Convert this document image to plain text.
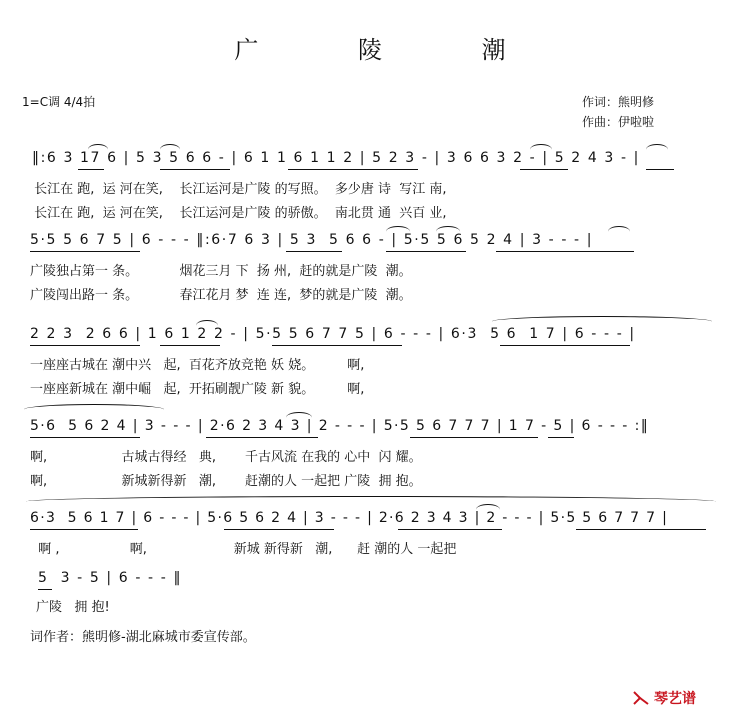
广 陵 潮
1=C调 4/4拍	作词：熊明修
作曲：伊啦啦

‖:6 3 17 6 | 5 3 5 6 6 - | 6 1 1 6 1 1 2 | 5 2 3 - | 3 6 6 3 2 - | 5 2 4 3 - |

长江在 跑,  运 河在笑,    长江运河是广陵 的写照。  多少唐 诗  写江 南,
长江在 跑,  运 河在笑,    长江运河是广陵 的骄傲。  南北贯 通  兴百 业,

5·5 5 6 7 5 | 6 - - - ‖:6·7 6 3 | 5 3  5 6 6 - | 5·5 5 6 5 2 4 | 3 - - - |

广陵独占第一 条。          烟花三月 下  扬 州,  赶的就是广陵  潮。
广陵闯出路一 条。          春江花月 梦  连 连,  梦的就是广陵  潮。

2 2 3  2 6 6 | 1 6 1 2 2 - | 5·5 5 6 7 7 5 | 6 - - - | 6·3  5 6  1 7 | 6 - - - |

一座座古城在 潮中兴   起,  百花齐放竞艳 妖 娆。        啊,
一座座新城在 潮中崛   起,  开拓刷靓广陵 新 貌。        啊,

5·6  5 6 2 4 | 3 - - - | 2·6 2 3 4 3 | 2 - - - | 5·5 5 6 7 7 7 | 1 7 - 5 | 6 - - - :‖

啊,                  古城古得经   典,       千古风流 在我的 心中  闪 耀。
啊,                  新城新得新   潮,       赶潮的人 一起把 广陵  拥 抱。

6·3  5 6 1 7 | 6 - - - | 5·6 5 6 2 4 | 3 - - - | 2·6 2 3 4 3 | 2 - - - | 5·5 5 6 7 7 7 |

啊 ,                 啊,                     新城 新得新   潮,      赶 潮的人 一起把

5  3 - 5 | 6 - - - ‖

广陵   拥 抱!
词作者：熊明修-湖北麻城市委宣传部。
琴艺谱
